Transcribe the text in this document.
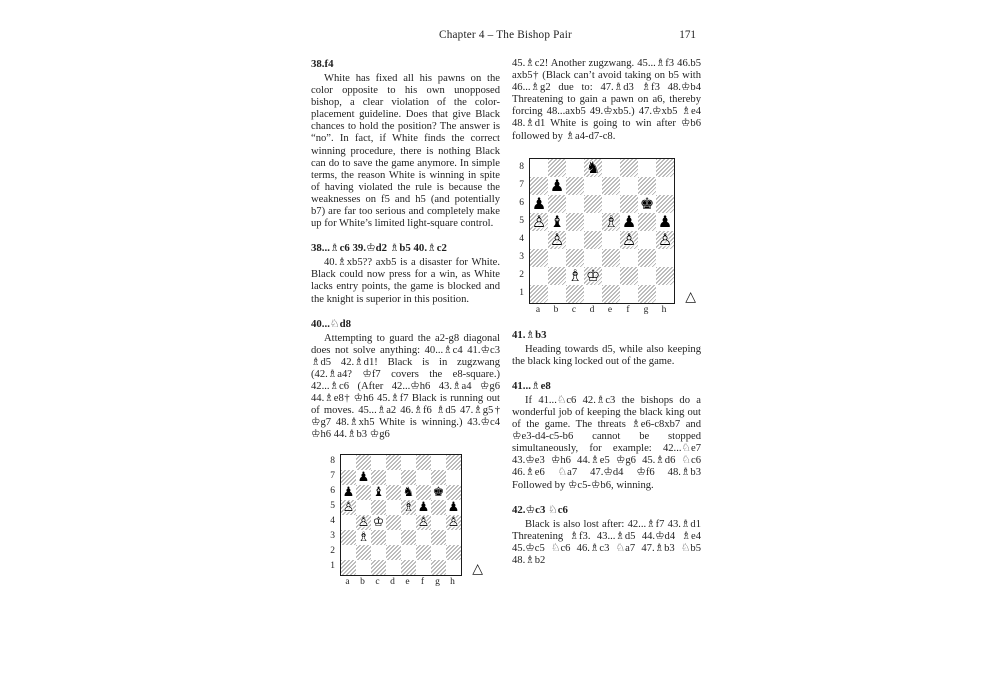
Chapter 4 – The Bishop Pair	171
38.f4

White has fixed all his pawns on the color opposite to his own unopposed bishop, a clear violation of the color-placement guideline. Does that give Black chances to hold the position? The answer is “no”. In fact, if White finds the correct winning procedure, there is nothing Black can do to save the game anymore. In simple terms, the reason White is winning in spite of having violated the rule is because the weaknesses on f5 and h5 (and potentially b7) are far too serious and completely make up for White’s limited light-square control.

38...♗c6 39.♔d2 ♗b5 40.♗c2

40.♗xb5?? axb5 is a disaster for White. Black could now press for a win, as White lacks entry points, the game is blocked and the knight is superior in this position.

40...♘d8

Attempting to guard the a2-g8 diagonal does not solve anything: 40...♗c4 41.♔c3 ♗d5 42.♗d1! Black is in zugzwang (42.♗a4? ♔f7 covers the e8-square.) 42...♗c6 (After 42...♔h6 43.♗a4 ♔g6 44.♗e8† ♔h6 45.♗f7 Black is running out of moves. 45...♗a2 46.♗f6 ♗d5 47.♗g5† ♔g7 48.♗xh5 White is winning.) 43.♔c4 ♔h6 44.♗b3 ♔g6

8
7
6
5
4
3
2
1
♟
♟ ♝ ♞ ♚
♙	♗ ♟ ♟
♙ ♔	♙ ♙
♗
a	b	c	d	e	f	g	h
△

45.♗c2! Another zugzwang. 45...♗f3 46.b5 axb5† (Black can’t avoid taking on b5 with 46...♗g2 due to: 47.♗d3 ♗f3 48.♔b4 Threatening to gain a pawn on a6, thereby forcing 48...axb5 49.♔xb5.) 47.♔xb5 ♗e4 48.♗d1 White is going to win after ♔b6 followed by ♗a4-d7-c8.

8
7
6
5
4
3
2
1
♞
♟
♟	♚
♙ ♝ ♗ ♟ ♟
♙	♙ ♙
♗ ♔
a	b	c	d	e	f	g	h
△
41.♗b3

Heading towards d5, while also keeping the black king locked out of the game.

41...♗e8

If 41...♘c6 42.♗c3 the bishops do a wonderful job of keeping the black king out of the game. The threats ♗e6-c8xb7 and ♔e3-d4-c5-b6 cannot be stopped simultaneously, for example: 42...♘e7 43.♔e3 ♔h6 44.♗e5 ♔g6 45.♗d6 ♘c6 46.♗e6 ♘a7 47.♔d4 ♔f6 48.♗b3 Followed by ♔c5-♔b6, winning.

42.♔c3 ♘c6

Black is also lost after: 42...♗f7 43.♗d1 Threatening ♗f3. 43...♗d5 44.♔d4 ♗e4 45.♔c5 ♘c6 46.♗c3 ♘a7 47.♗b3 ♘b5 48.♗b2
